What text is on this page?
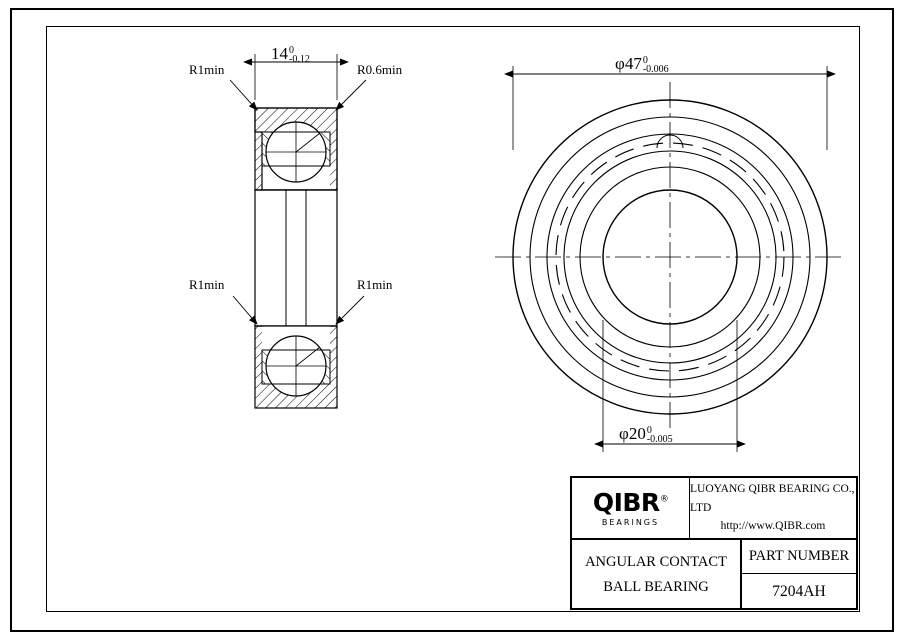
R1min	R0.6min
R1min	R1min
14 0
-0.12	φ47 0
-0.006
φ20 0
-0.005
QIBR®
BEARINGS
LUOYANG QIBR BEARING CO., LTD
http://www.QIBR.com
ANGULAR CONTACT
BALL BEARING
PART NUMBER
7204AH
